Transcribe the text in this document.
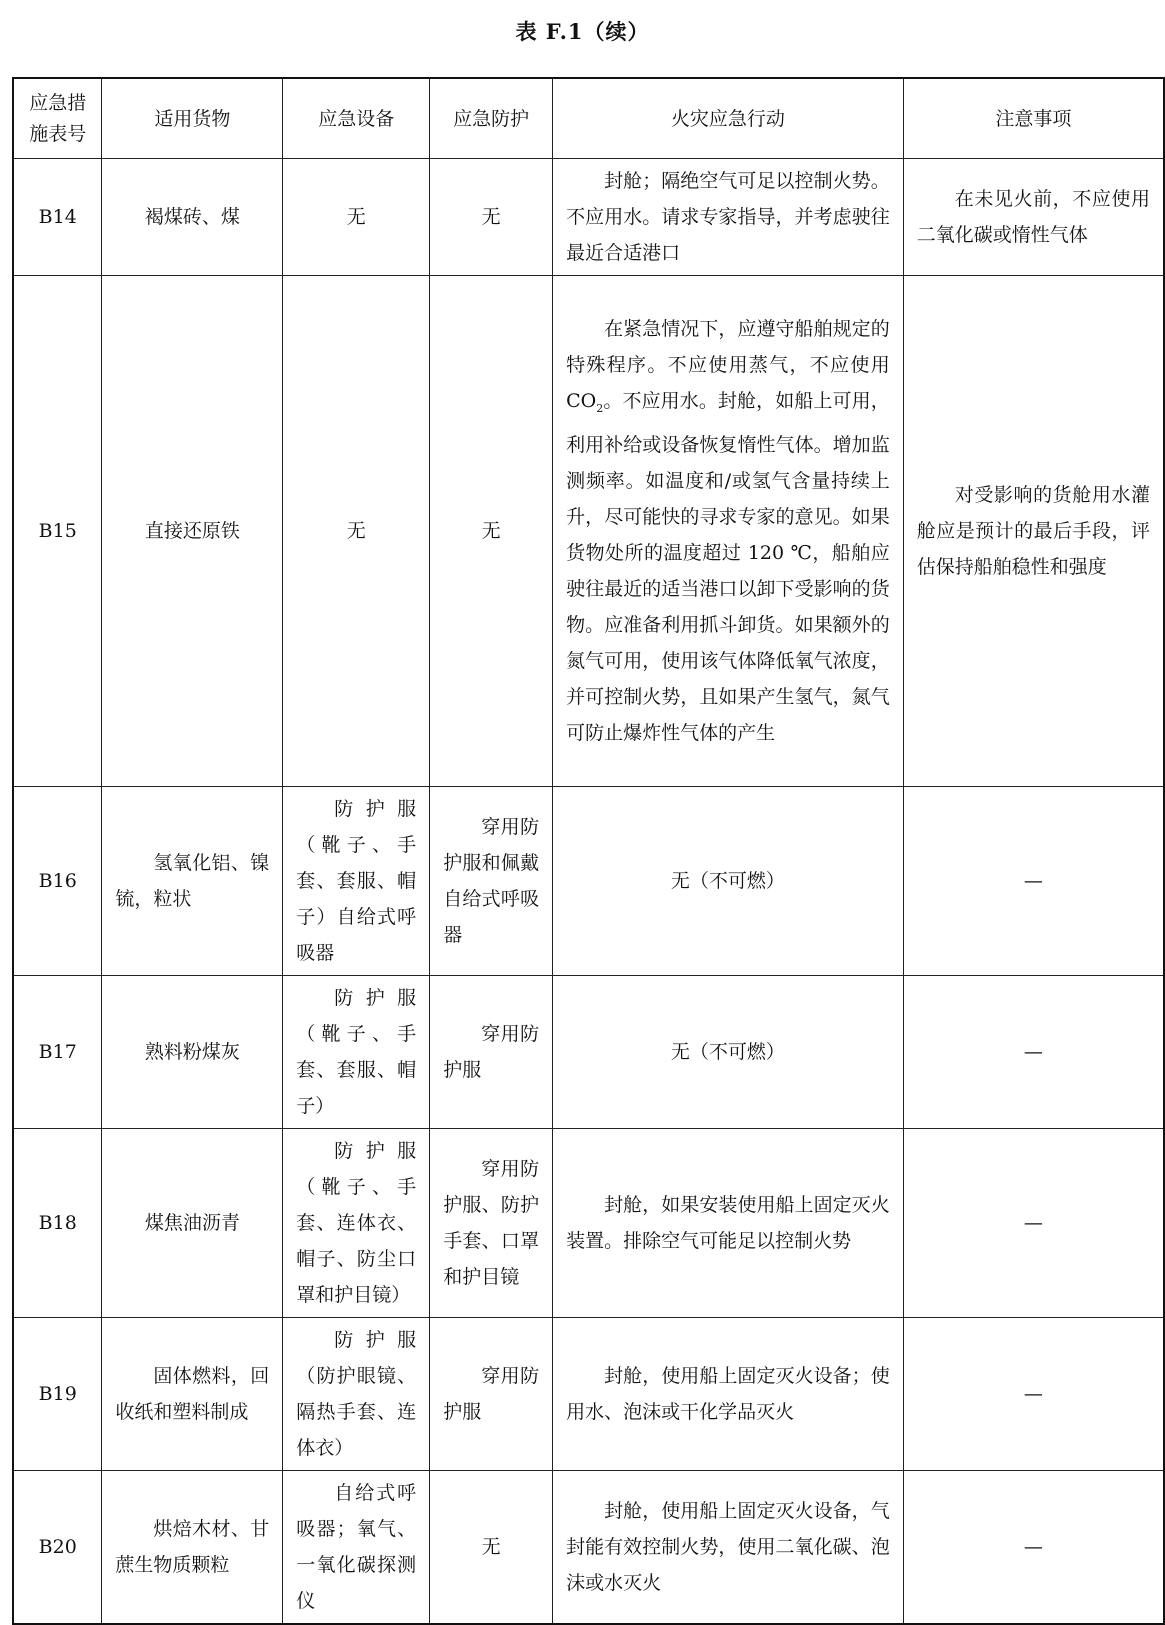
表 F.1（续）
应急措施表号	适用货物	应急设备	应急防护	火灾应急行动	注意事项
B14	褐煤砖、煤	无	无	封舱；隔绝空气可足以控制火势。不应用水。请求专家指导，并考虑驶往最近合适港口	在未见火前，不应使用二氧化碳或惰性气体
B15	直接还原铁	无	无	在紧急情况下，应遵守船舶规定的特殊程序。不应使用蒸气，不应使用 $CO_2$。不应用水。封舱，如船上可用，利用补给或设备恢复惰性气体。增加监测频率。如温度和/或氢气含量持续上升，尽可能快的寻求专家的意见。如果货物处所的温度超过 120 ℃，船舶应驶往最近的适当港口以卸下受影响的货物。应准备利用抓斗卸货。如果额外的氮气可用，使用该气体降低氧气浓度，并可控制火势，且如果产生氢气，氮气可防止爆炸性气体的产生	对受影响的货舱用水灌舱应是预计的最后手段，评估保持船舶稳性和强度
B16	氢氧化铝、镍锍，粒状	防护服（靴子、手套、套服、帽子）自给式呼吸器	穿用防护服和佩戴自给式呼吸器	无（不可燃）	—
B17	熟料粉煤灰	防护服（靴子、手套、套服、帽子）	穿用防护服	无（不可燃）	—
B18	煤焦油沥青	防护服（靴子、手套、连体衣、帽子、防尘口罩和护目镜）	穿用防护服、防护手套、口罩和护目镜	封舱，如果安装使用船上固定灭火装置。排除空气可能足以控制火势	—
B19	固体燃料，回收纸和塑料制成	防护服（防护眼镜、隔热手套、连体衣）	穿用防护服	封舱，使用船上固定灭火设备；使用水、泡沫或干化学品灭火	—
B20	烘焙木材、甘蔗生物质颗粒	自给式呼吸器；氧气、一氧化碳探测仪	无	封舱，使用船上固定灭火设备，气封能有效控制火势，使用二氧化碳、泡沫或水灭火	—
